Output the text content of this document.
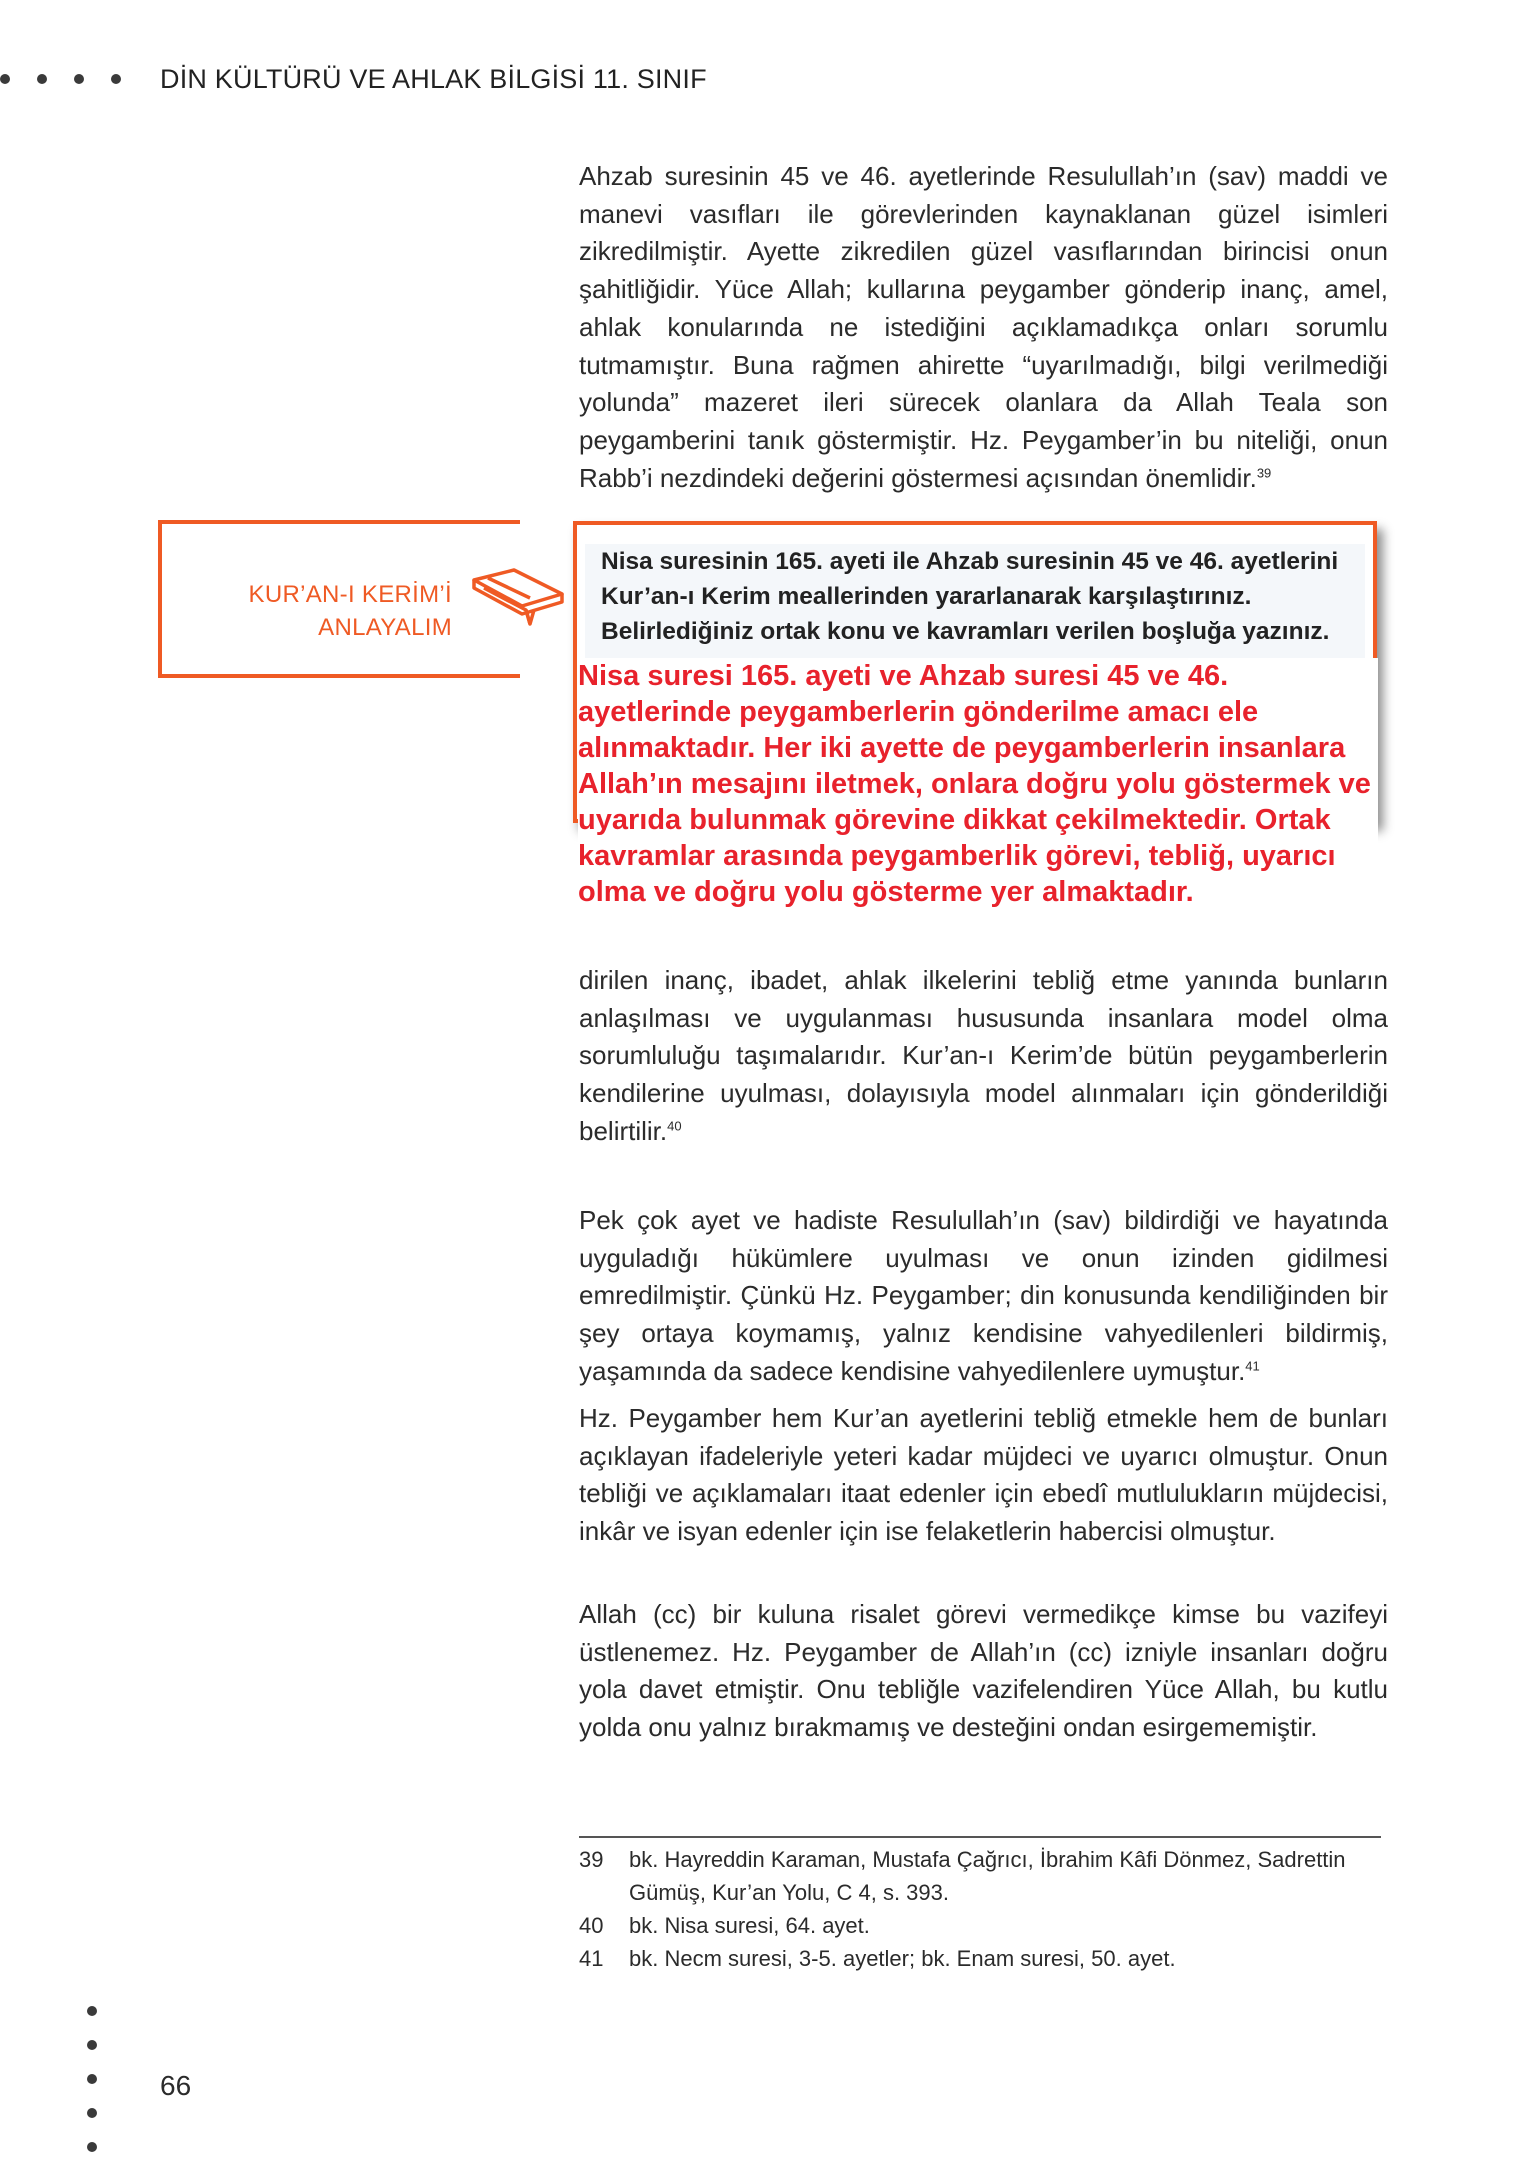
DİN KÜLTÜRÜ VE AHLAK BİLGİSİ 11. SINIF

Ahzab suresinin 45 ve 46. ayetlerinde Resulullah’ın (sav) maddi ve manevi vasıfları ile görevlerinden kaynaklanan güzel isimleri zikredilmiştir. Ayette zikredilen güzel vasıflarından birincisi onun şahitliğidir. Yüce Allah; kullarına peygamber gönderip inanç, amel, ahlak konularında ne istediğini açıklamadıkça onları sorumlu tutmamıştır. Buna rağmen ahirette “uyarılmadığı, bilgi verilmediği yolunda” mazeret ileri sürecek olanlara da Allah Teala son peygamberini tanık göstermiştir. Hz. Peygamber’in bu niteliği, onun Rabb’i nezdindeki değerini göstermesi açısından önemlidir.$^{39}$

KUR’AN-I KERİM’İ
ANLAYALIM
Nisa suresinin 165. ayeti ile Ahzab suresinin 45 ve 46. ayetlerini Kur’an-ı Kerim meallerinden yararlanarak karşılaştırınız. Belirlediğiniz ortak konu ve kavramları verilen boşluğa yazınız.
Nisa suresi 165. ayeti ve Ahzab suresi 45 ve 46.
ayetlerinde peygamberlerin gönderilme amacı ele
alınmaktadır. Her iki ayette de peygamberlerin insanlara
Allah’ın mesajını iletmek, onlara doğru yolu göstermek ve
uyarıda bulunmak görevine dikkat çekilmektedir. Ortak
kavramlar arasında peygamberlik görevi, tebliğ, uyarıcı
olma ve doğru yolu gösterme yer almaktadır.

dirilen inanç, ibadet, ahlak ilkelerini tebliğ etme yanında bunların anlaşılması ve uygulanması hususunda insanlara model olma sorumluluğu taşımalarıdır. Kur’an-ı Kerim’de bütün peygamberlerin kendilerine uyulması, dolayısıyla model alınmaları için gönderildiği belirtilir.$^{40}$

Pek çok ayet ve hadiste Resulullah’ın (sav) bildirdiği ve hayatında uyguladığı hükümlere uyulması ve onun izinden gidilmesi emredilmiştir. Çünkü Hz. Peygamber; din konusunda kendiliğinden bir şey ortaya koymamış, yalnız kendisine vahyedilenleri bildirmiş, yaşamında da sadece kendisine vahyedilenlere uymuştur.$^{41}$

Hz. Peygamber hem Kur’an ayetlerini tebliğ etmekle hem de bunları açıklayan ifadeleriyle yeteri kadar müjdeci ve uyarıcı olmuştur. Onun tebliği ve açıklamaları itaat edenler için ebedî mutlulukların müjdecisi, inkâr ve isyan edenler için ise felaketlerin habercisi olmuştur.

Allah (cc) bir kuluna risalet görevi vermedikçe kimse bu vazifeyi üstlenemez. Hz. Peygamber de Allah’ın (cc) izniyle insanları doğru yola davet etmiştir. Onu tebliğle vazifelendiren Yüce Allah, bu kutlu yolda onu yalnız bırakmamış ve desteğini ondan esirgememiştir.

39	bk. Hayreddin Karaman, Mustafa Çağrıcı, İbrahim Kâfi Dönmez, Sadrettin Gümüş, Kur’an Yolu, C 4, s. 393.
40	bk. Nisa suresi, 64. ayet.
41	bk. Necm suresi, 3-5. ayetler; bk. Enam suresi, 50. ayet.
66
